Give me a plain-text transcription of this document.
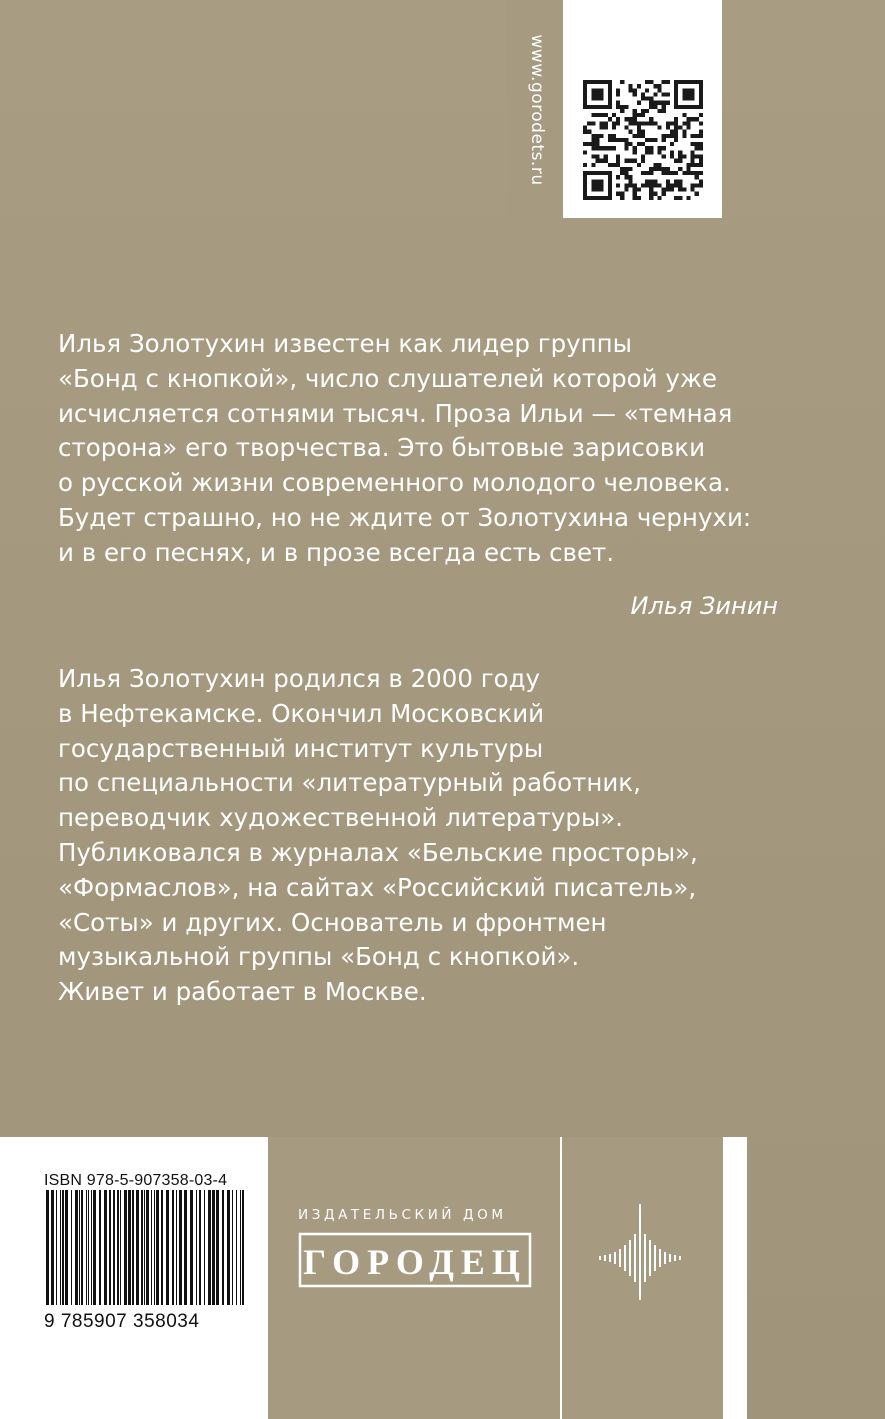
www.gorodets.ru
Илья Золотухин известен как лидер группы
«Бонд с кнопкой», число слушателей которой уже
исчисляется сотнями тысяч. Проза Ильи — «темная
сторона» его творчества. Это бытовые зарисовки
о русской жизни современного молодого человека.
Будет страшно, но не ждите от Золотухина чернухи:
и в его песнях, и в прозе всегда есть свет.
Илья Зинин
Илья Золотухин родился в 2000 году
в Нефтекамске. Окончил Московский
государственный институт культуры
по специальности «литературный работник,
переводчик художественной литературы».
Публиковался в журналах «Бельские просторы»,
«Формаслов», на сайтах «Российский писатель»,
«Соты» и других. Основатель и фронтмен
музыкальной группы «Бонд с кнопкой».
Живет и работает в Москве.
ISBN 978-5-907358-03-4
9 785907 358034
ИЗДАТЕЛЬСКИЙ ДОМ
ГОРОДЕЦ
